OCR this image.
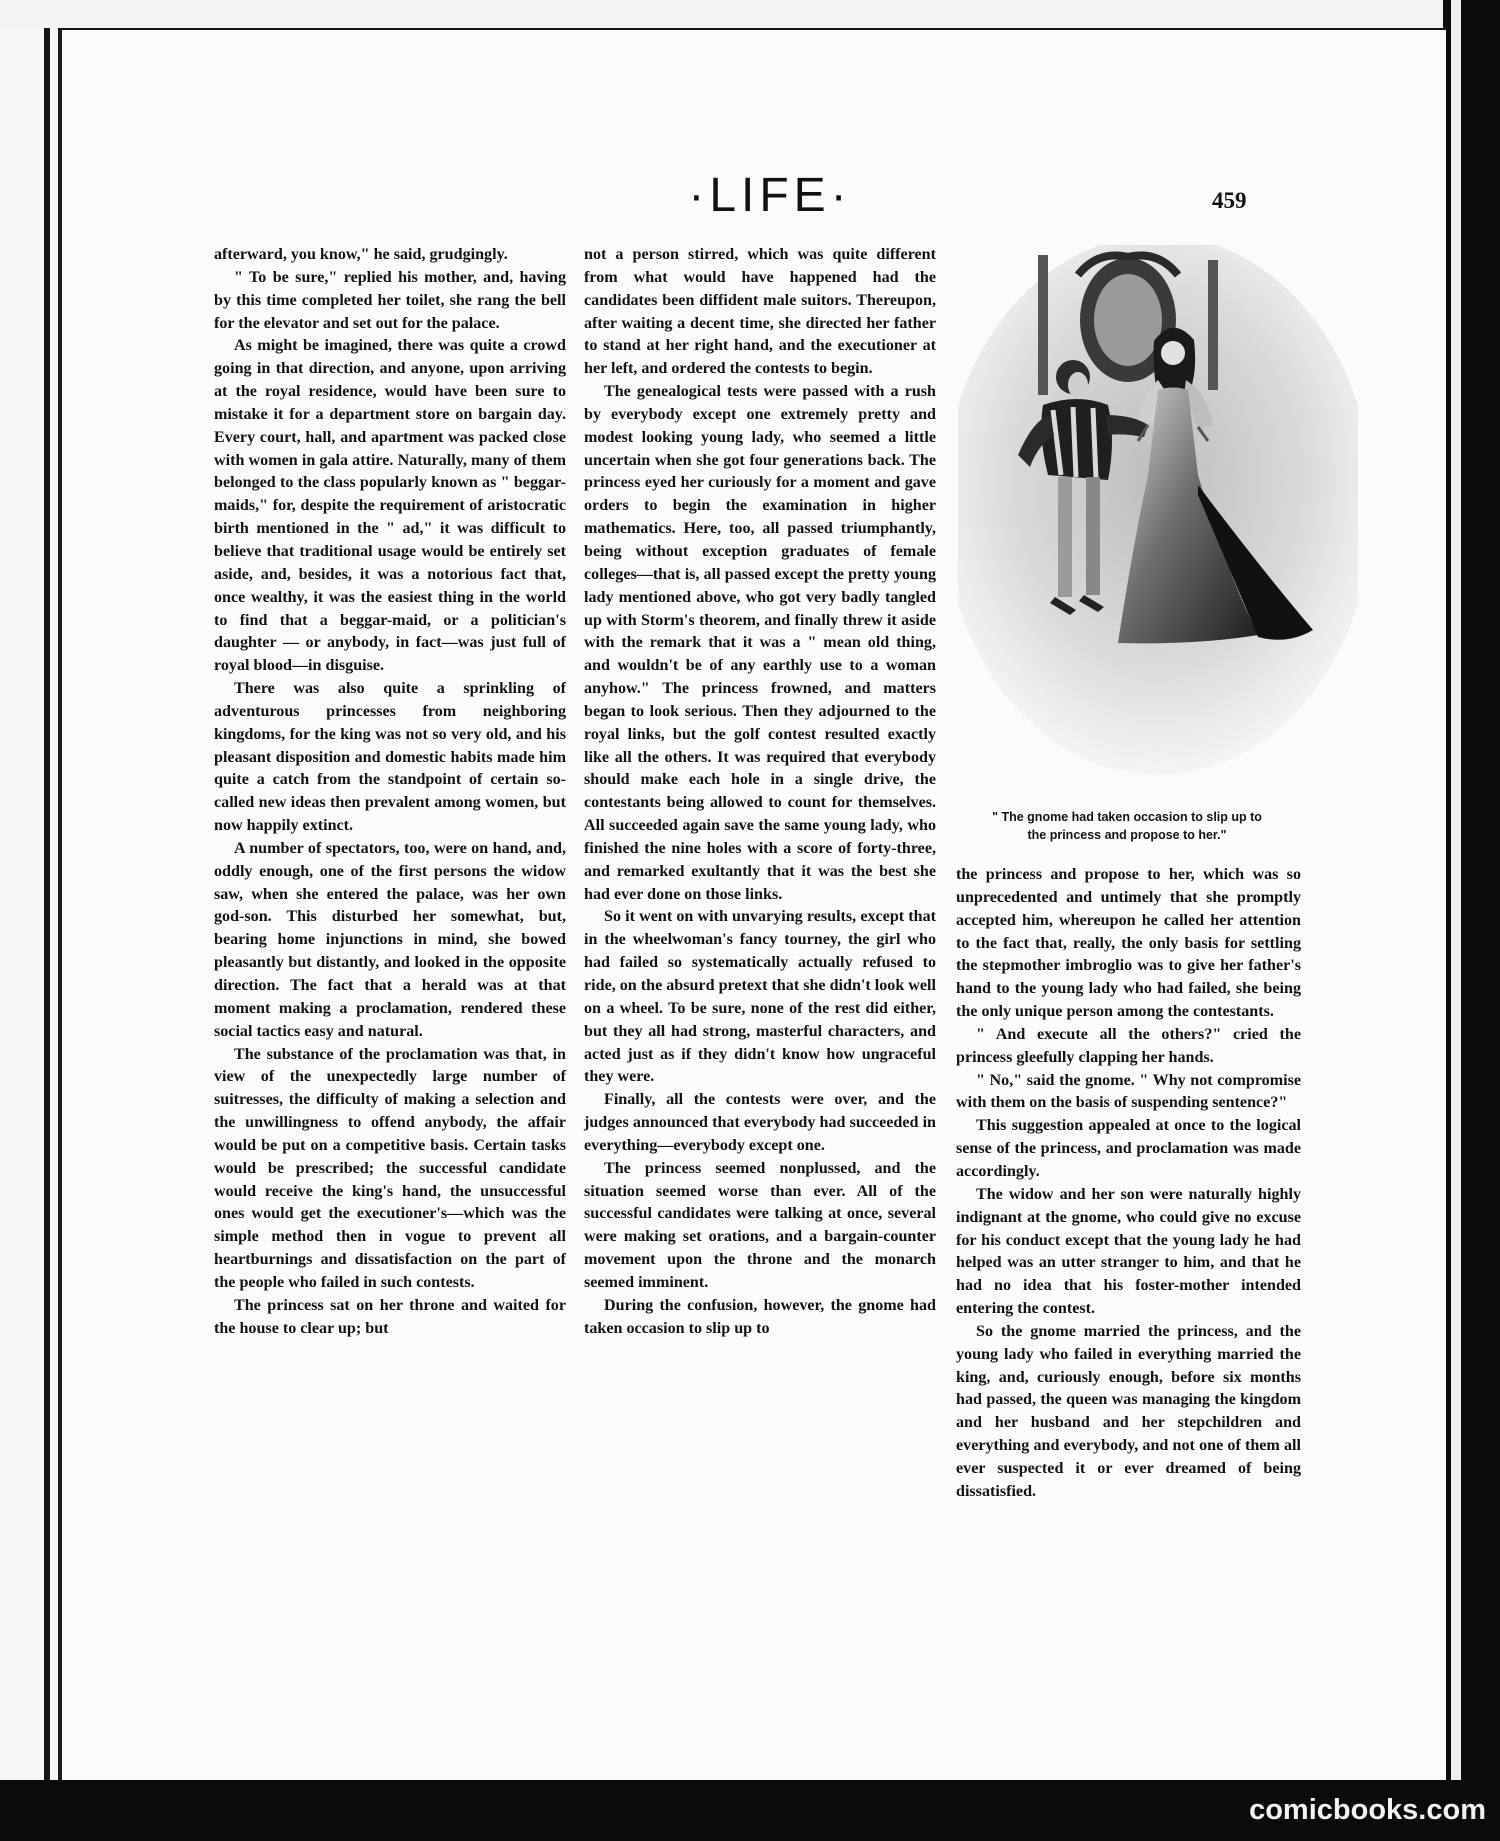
·LIFE·	459

afterward, you know," he said, grudgingly.

" To be sure," replied his mother, and, having by this time completed her toilet, she rang the bell for the elevator and set out for the palace.

As might be imagined, there was quite a crowd going in that direction, and anyone, upon arriving at the royal residence, would have been sure to mistake it for a department store on bargain day. Every court, hall, and apartment was packed close with women in gala attire. Naturally, many of them belonged to the class popularly known as " beggar-maids," for, despite the requirement of aristocratic birth mentioned in the " ad," it was difficult to believe that traditional usage would be entirely set aside, and, besides, it was a notorious fact that, once wealthy, it was the easiest thing in the world to find that a beggar-maid, or a politician's daughter — or anybody, in fact—was just full of royal blood—in disguise.

There was also quite a sprinkling of adventurous princesses from neighboring kingdoms, for the king was not so very old, and his pleasant disposition and domestic habits made him quite a catch from the standpoint of certain so-called new ideas then prevalent among women, but now happily extinct.

A number of spectators, too, were on hand, and, oddly enough, one of the first persons the widow saw, when she entered the palace, was her own god-son. This disturbed her somewhat, but, bearing home injunctions in mind, she bowed pleasantly but distantly, and looked in the opposite direction. The fact that a herald was at that moment making a proclamation, rendered these social tactics easy and natural.

The substance of the proclamation was that, in view of the unexpectedly large number of suitresses, the difficulty of making a selection and the unwillingness to offend anybody, the affair would be put on a competitive basis. Certain tasks would be prescribed; the successful candidate would receive the king's hand, the unsuccessful ones would get the executioner's—which was the simple method then in vogue to prevent all heartburnings and dissatisfaction on the part of the people who failed in such contests.

The princess sat on her throne and waited for the house to clear up; but

not a person stirred, which was quite different from what would have happened had the candidates been diffident male suitors. Thereupon, after waiting a decent time, she directed her father to stand at her right hand, and the executioner at her left, and ordered the contests to begin.

The genealogical tests were passed with a rush by everybody except one extremely pretty and modest looking young lady, who seemed a little uncertain when she got four generations back. The princess eyed her curiously for a moment and gave orders to begin the examination in higher mathematics. Here, too, all passed triumphantly, being without exception graduates of female colleges—that is, all passed except the pretty young lady mentioned above, who got very badly tangled up with Storm's theorem, and finally threw it aside with the remark that it was a " mean old thing, and wouldn't be of any earthly use to a woman anyhow." The princess frowned, and matters began to look serious. Then they adjourned to the royal links, but the golf contest resulted exactly like all the others. It was required that everybody should make each hole in a single drive, the contestants being allowed to count for themselves. All succeeded again save the same young lady, who finished the nine holes with a score of forty-three, and remarked exultantly that it was the best she had ever done on those links.

So it went on with unvarying results, except that in the wheelwoman's fancy tourney, the girl who had failed so systematically actually refused to ride, on the absurd pretext that she didn't look well on a wheel. To be sure, none of the rest did either, but they all had strong, masterful characters, and acted just as if they didn't know how ungraceful they were.

Finally, all the contests were over, and the judges announced that everybody had succeeded in everything—everybody except one.

The princess seemed nonplussed, and the situation seemed worse than ever. All of the successful candidates were talking at once, several were making set orations, and a bargain-counter movement upon the throne and the monarch seemed imminent.

During the confusion, however, the gnome had taken occasion to slip up to

" The gnome had taken occasion to slip up to
the princess and propose to her."

the princess and propose to her, which was so unprecedented and untimely that she promptly accepted him, whereupon he called her attention to the fact that, really, the only basis for settling the stepmother imbroglio was to give her father's hand to the young lady who had failed, she being the only unique person among the contestants.

" And execute all the others?" cried the princess gleefully clapping her hands.

" No," said the gnome. " Why not compromise with them on the basis of suspending sentence?"

This suggestion appealed at once to the logical sense of the princess, and proclamation was made accordingly.

The widow and her son were naturally highly indignant at the gnome, who could give no excuse for his conduct except that the young lady he had helped was an utter stranger to him, and that he had no idea that his foster-mother intended entering the contest.

So the gnome married the princess, and the young lady who failed in everything married the king, and, curiously enough, before six months had passed, the queen was managing the kingdom and her husband and her stepchildren and everything and everybody, and not one of them all ever suspected it or ever dreamed of being dissatisfied.

comicbooks.com
